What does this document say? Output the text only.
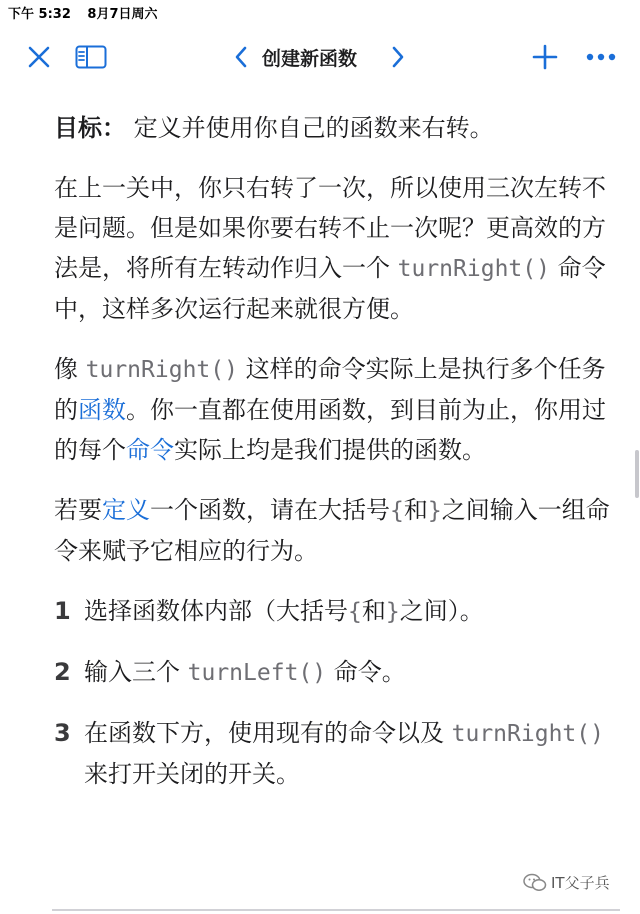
下午 5:32 8月7日周六
创建新函数

目标： 定义并使用你自己的函数来右转。

在上一关中，你只右转了一次，所以使用三次左转不是问题。但是如果你要右转不止一次呢？更高效的方法是，将所有左转动作归入一个 turnRight() 命令中，这样多次运行起来就很方便。

像 turnRight() 这样的命令实际上是执行多个任务的函数。你一直都在使用函数，到目前为止，你用过的每个命令实际上均是我们提供的函数。

若要定义一个函数，请在大括号{和}之间输入一组命令来赋予它相应的行为。

1 选择函数体内部（大括号{和}之间）。
2 输入三个 turnLeft() 命令。
3 在函数下方，使用现有的命令以及 turnRight() 来打开关闭的开关。
IT父子兵
